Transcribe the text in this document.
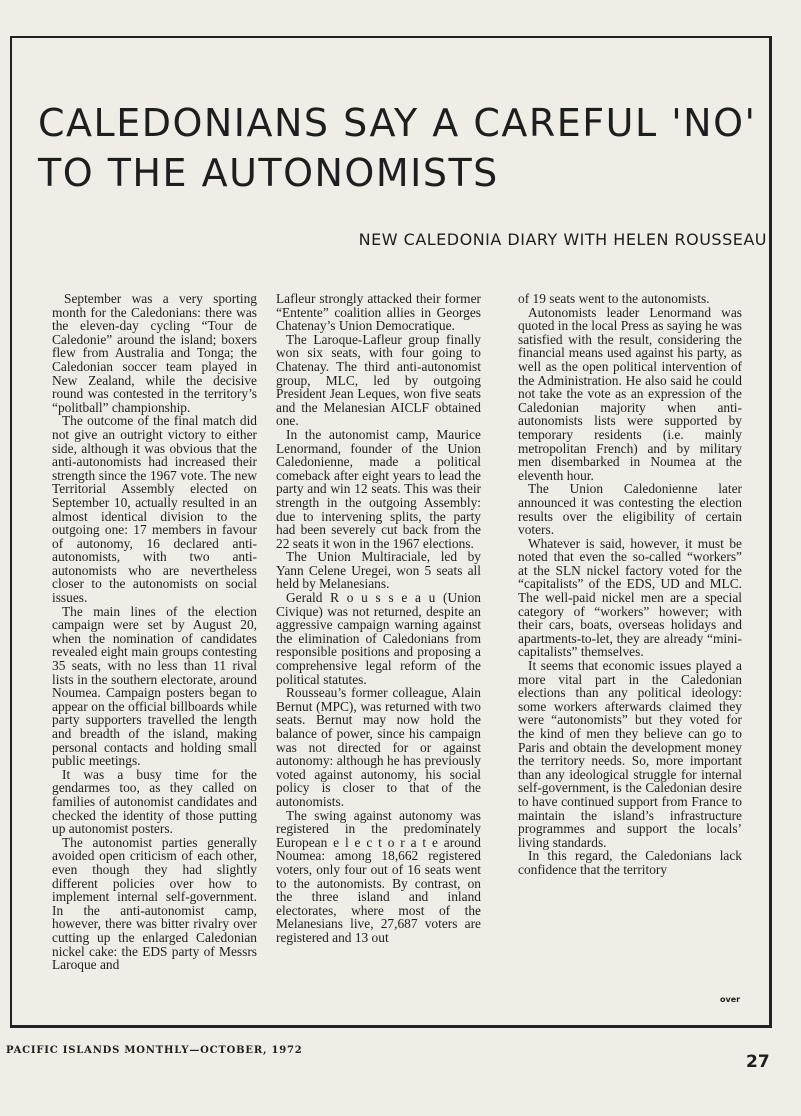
CALEDONIANS SAY A CAREFUL 'NO'
TO THE AUTONOMISTS
NEW CALEDONIA DIARY WITH HELEN ROUSSEAU

September was a very sporting month for the Caledonians: there was the eleven-day cycling “Tour de Caledonie” around the island; boxers flew from Australia and Tonga; the Caledonian soccer team played in New Zealand, while the decisive round was contested in the territory’s “politball” championship.

The outcome of the final match did not give an outright victory to either side, although it was obvious that the anti-autonomists had increased their strength since the 1967 vote. The new Territorial Assembly elected on September 10, actually resulted in an almost identical division to the outgoing one: 17 members in favour of autonomy, 16 declared anti-autonomists, with two anti-autonomists who are nevertheless closer to the autonomists on social issues.

The main lines of the election campaign were set by August 20, when the nomination of candidates revealed eight main groups contesting 35 seats, with no less than 11 rival lists in the southern electorate, around Noumea. Campaign posters began to appear on the official billboards while party supporters travelled the length and breadth of the island, making personal contacts and holding small public meetings.

It was a busy time for the gendarmes too, as they called on families of autonomist candidates and checked the identity of those putting up autonomist posters.

The autonomist parties generally avoided open criticism of each other, even though they had slightly different policies over how to implement internal self-government. In the anti-autonomist camp, however, there was bitter rivalry over cutting up the enlarged Caledonian nickel cake: the EDS party of Messrs Laroque and

Lafleur strongly attacked their former “Entente” coalition allies in Georges Chatenay’s Union Democratique.

The Laroque-Lafleur group finally won six seats, with four going to Chatenay. The third anti-autonomist group, MLC, led by outgoing President Jean Leques, won five seats and the Melanesian AICLF obtained one.

In the autonomist camp, Maurice Lenormand, founder of the Union Caledonienne, made a political comeback after eight years to lead the party and win 12 seats. This was their strength in the outgoing Assembly: due to intervening splits, the party had been severely cut back from the 22 seats it won in the 1967 elections.

The Union Multiraciale, led by Yann Celene Uregei, won 5 seats all held by Melanesians.

Gerald R o u s s e a u (Union Civique) was not returned, despite an aggressive campaign warning against the elimination of Caledonians from responsible positions and proposing a comprehensive legal reform of the political statutes.

Rousseau’s former colleague, Alain Bernut (MPC), was returned with two seats. Bernut may now hold the balance of power, since his campaign was not directed for or against autonomy: although he has previously voted against autonomy, his social policy is closer to that of the autonomists.

The swing against autonomy was registered in the predominately European e l e c t o r a t e around Noumea: among 18,662 registered voters, only four out of 16 seats went to the autonomists. By contrast, on the three island and inland electorates, where most of the Melanesians live, 27,687 voters are registered and 13 out

of 19 seats went to the autonomists.

Autonomists leader Lenormand was quoted in the local Press as saying he was satisfied with the result, considering the financial means used against his party, as well as the open political intervention of the Administration. He also said he could not take the vote as an expression of the Caledonian majority when anti-autonomists lists were supported by temporary residents (i.e. mainly metropolitan French) and by military men disembarked in Noumea at the eleventh hour.

The Union Caledonienne later announced it was contesting the election results over the eligibility of certain voters.

Whatever is said, however, it must be noted that even the so-called “workers” at the SLN nickel factory voted for the “capitalists” of the EDS, UD and MLC. The well-paid nickel men are a special category of “workers” however; with their cars, boats, overseas holidays and apartments-to-let, they are already “mini-capitalists” themselves.

It seems that economic issues played a more vital part in the Caledonian elections than any political ideology: some workers afterwards claimed they were “autonomists” but they voted for the kind of men they believe can go to Paris and obtain the development money the territory needs. So, more important than any ideological struggle for internal self-government, is the Caledonian desire to have continued support from France to maintain the island’s infrastructure programmes and support the locals’ living standards.

In this regard, the Caledonians lack confidence that the territory

over
PACIFIC ISLANDS MONTHLY—OCTOBER, 1972
27
